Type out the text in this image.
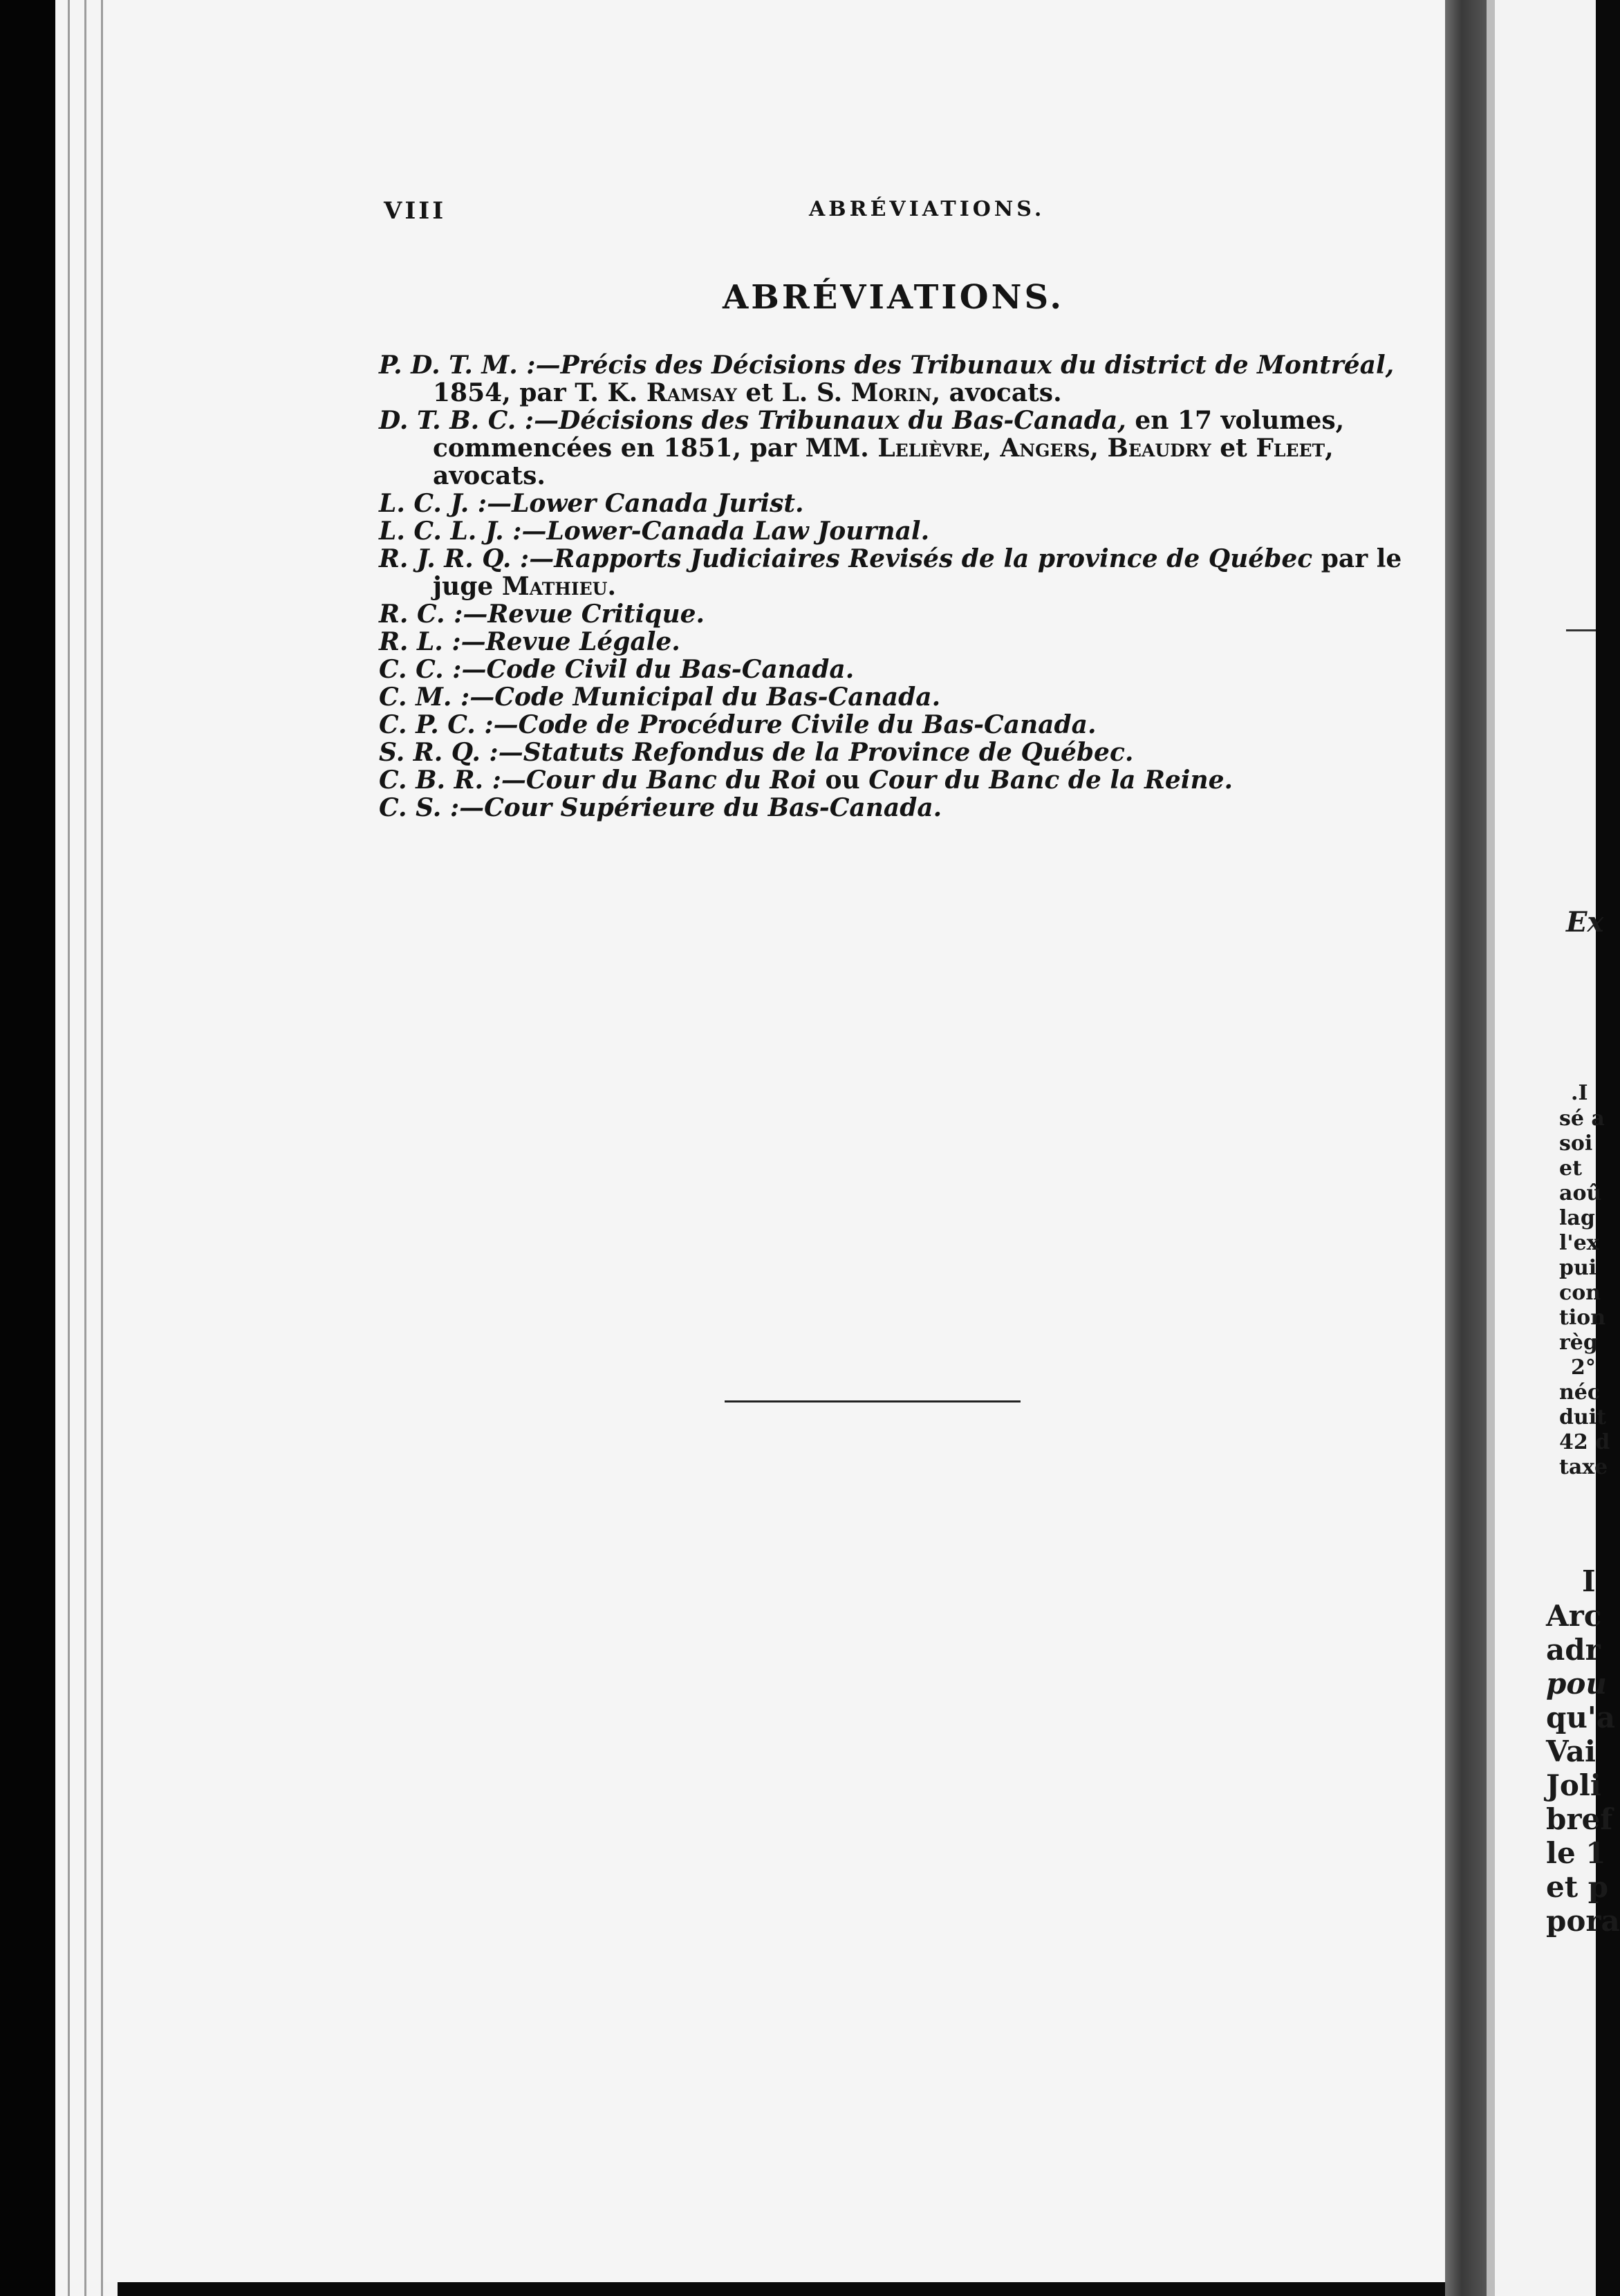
VIII	ABRÉVIATIONS.
ABRÉVIATIONS.
P. D. T. M. :—Précis des Décisions des Tribunaux du district de Montréal,
1854, par T. K. Ramsay et L. S. Morin, avocats.
D. T. B. C. :—Décisions des Tribunaux du Bas-Canada, en 17 volumes,
commencées en 1851, par MM. Lelièvre, Angers, Beaudry et Fleet,
avocats.
L. C. J. :—Lower Canada Jurist.
L. C. L. J. :—Lower-Canada Law Journal.
R. J. R. Q. :—Rapports Judiciaires Revisés de la province de Québec par le
juge Mathieu.
R. C. :—Revue Critique.
R. L. :—Revue Légale.
C. C. :—Code Civil du Bas-Canada.
C. M. :—Code Municipal du Bas-Canada.
C. P. C. :—Code de Procédure Civile du Bas-Canada.
S. R. Q. :—Statuts Refondus de la Province de Québec.
C. B. R. :—Cour du Banc du Roi ou Cour du Banc de la Reine.
C. S. :—Cour Supérieure du Bas-Canada.
Ex
.I
sé a
soi
et
aoû
lag
l'ex
pui
con
tion
règ
2°
néc
duit
42 d
taxe
I
Arc
adr
pou
qu'a
Vai
Joli
bref
le 1
et p
pora
